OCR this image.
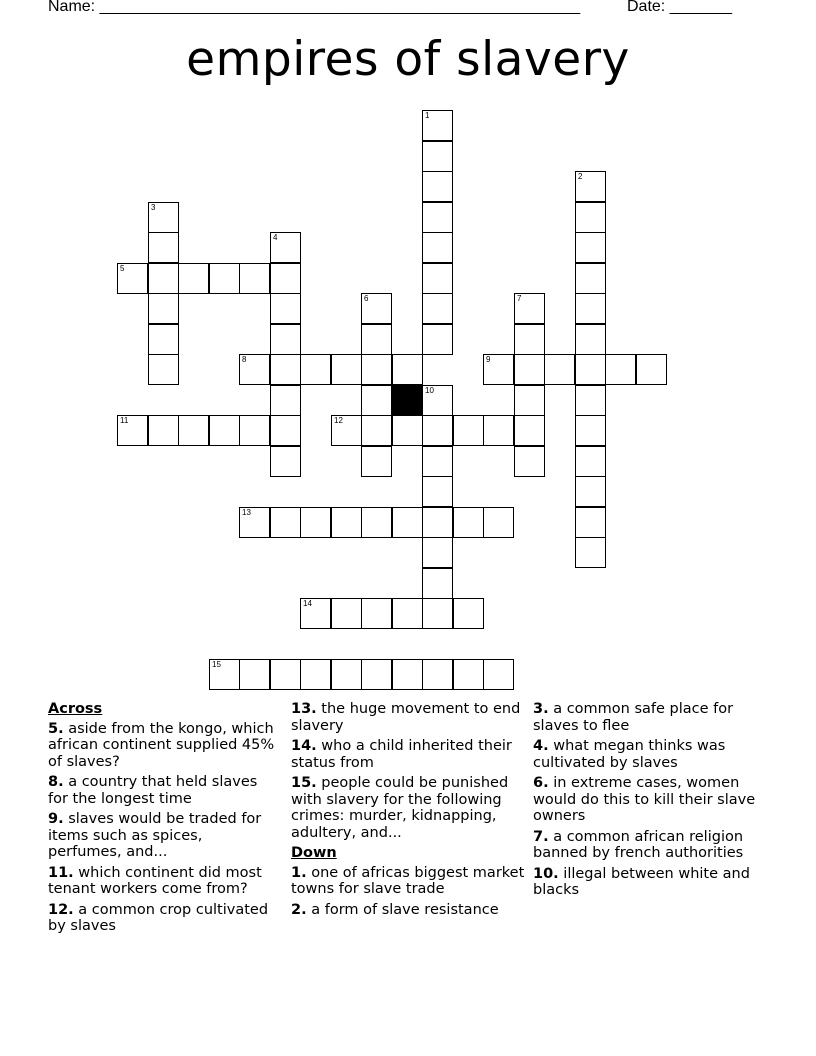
Name: ______________________________________________________	Date: _______
empires of slavery
1
2
3
4
5
6	7
8	9
10
11	12
13
14
15
Across
5. aside from the kongo, which african continent supplied 45% of slaves?
8. a country that held slaves for the longest time
9. slaves would be traded for items such as spices, perfumes, and...
11. which continent did most tenant workers come from?
12. a common crop cultivated by slaves
13. the huge movement to end slavery
14. who a child inherited their status from
15. people could be punished with slavery for the following crimes: murder, kidnapping, adultery, and...
Down
1. one of africas biggest market towns for slave trade
2. a form of slave resistance
3. a common safe place for slaves to flee
4. what megan thinks was cultivated by slaves
6. in extreme cases, women would do this to kill their slave owners
7. a common african religion banned by french authorities
10. illegal between white and blacks
